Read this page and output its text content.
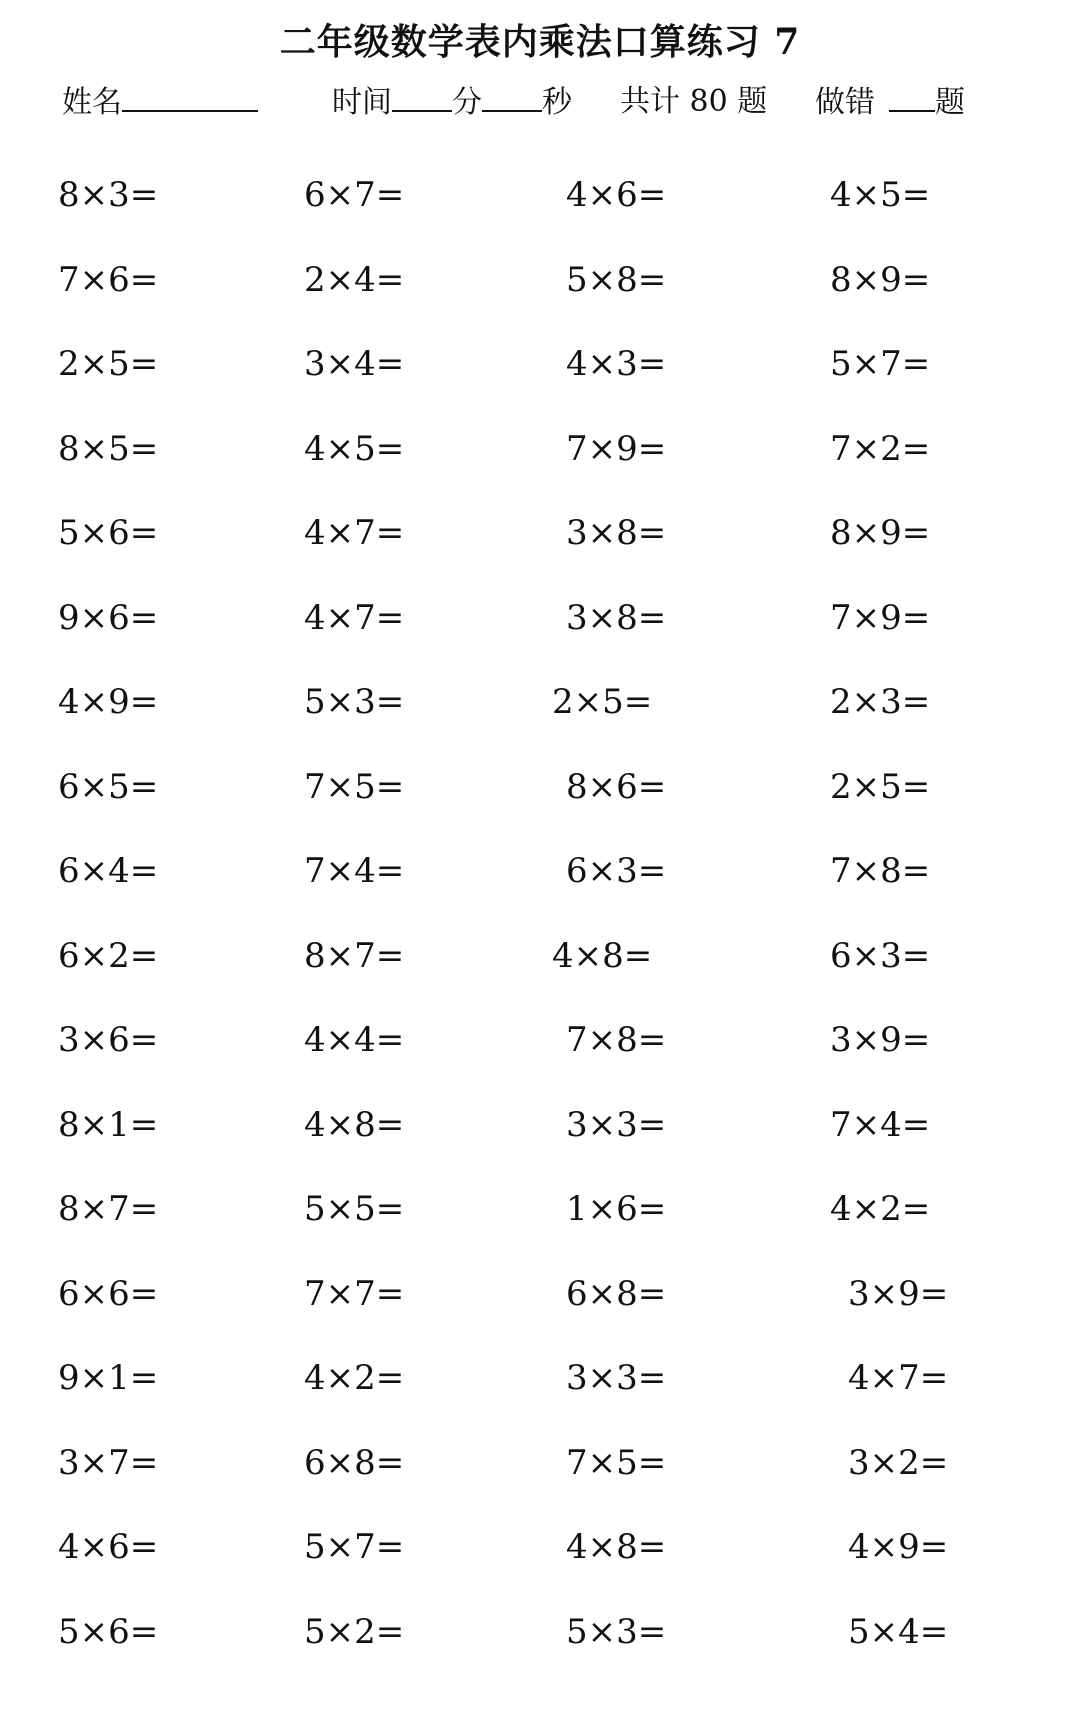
二年级数学表内乘法口算练习 7
姓名	时间 分 秒 共计 80 题 做错 题
8×3=	6×7=	4×6=	4×5=
7×6=	2×4=	5×8=	8×9=
2×5=	3×4=	4×3=	5×7=
8×5=	4×5=	7×9=	7×2=
5×6=	4×7=	3×8=	8×9=
9×6=	4×7=	3×8=	7×9=
4×9=	5×3=	2×5=	2×3=
6×5=	7×5=	8×6=	2×5=
6×4=	7×4=	6×3=	7×8=
6×2=	8×7=	4×8=	6×3=
3×6=	4×4=	7×8=	3×9=
8×1=	4×8=	3×3=	7×4=
8×7=	5×5=	1×6=	4×2=
6×6=	7×7=	6×8=	3×9=
9×1=	4×2=	3×3=	4×7=
3×7=	6×8=	7×5=	3×2=
4×6=	5×7=	4×8=	4×9=
5×6=	5×2=	5×3=	5×4=
